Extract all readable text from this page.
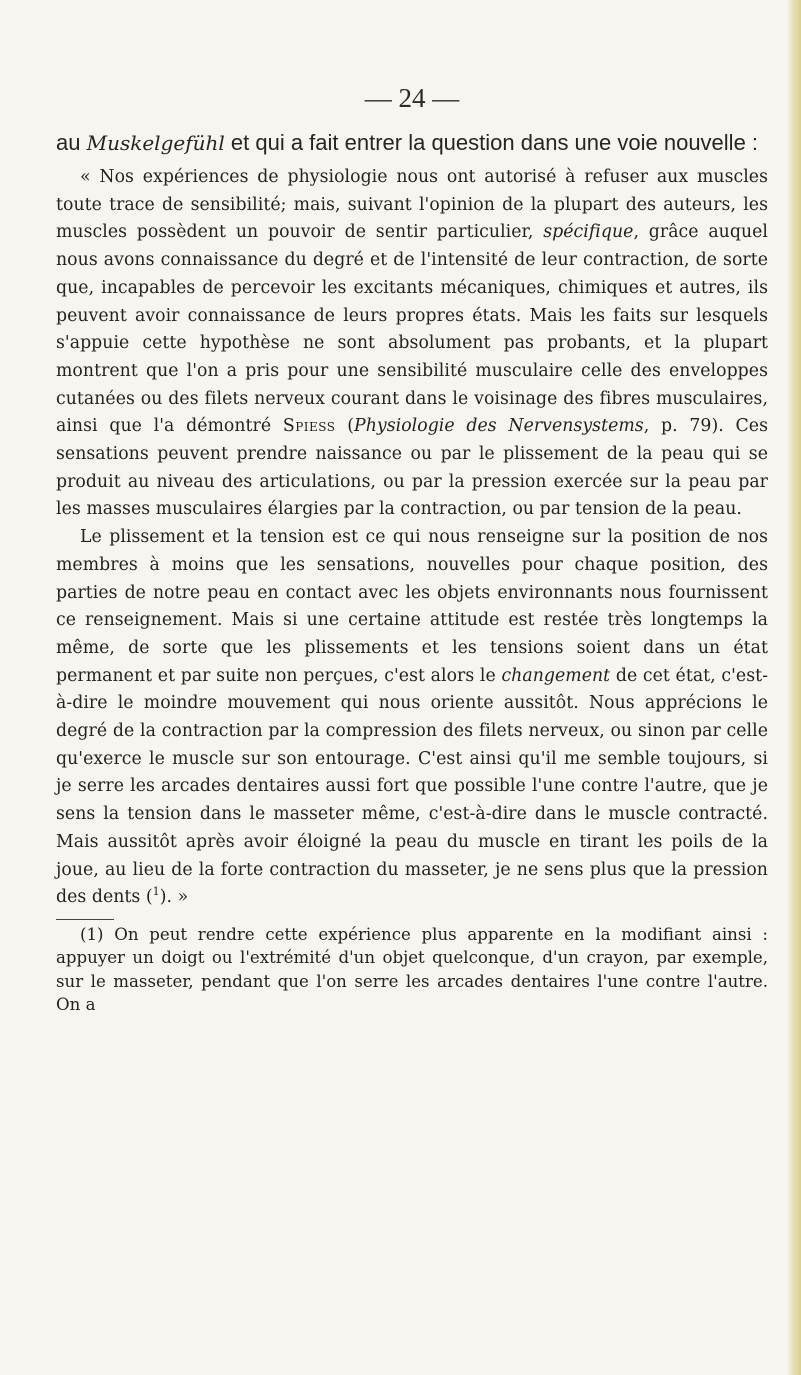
— 24 —

au Muskelgefühl et qui a fait entrer la question dans une voie nouvelle :

« Nos expériences de physiologie nous ont autorisé à refuser aux muscles toute trace de sensibilité; mais, suivant l'opinion de la plupart des auteurs, les muscles possèdent un pouvoir de sentir particulier, spécifique, grâce auquel nous avons connaissance du degré et de l'intensité de leur contraction, de sorte que, incapables de percevoir les excitants mécaniques, chimiques et autres, ils peuvent avoir connaissance de leurs propres états. Mais les faits sur lesquels s'appuie cette hypothèse ne sont absolument pas probants, et la plupart montrent que l'on a pris pour une sensibilité musculaire celle des enveloppes cutanées ou des filets nerveux courant dans le voisinage des fibres musculaires, ainsi que l'a démontré Spiess (Physiologie des Nervensystems, p. 79). Ces sensations peuvent prendre naissance ou par le plissement de la peau qui se produit au niveau des articulations, ou par la pression exercée sur la peau par les masses musculaires élargies par la contraction, ou par tension de la peau.

Le plissement et la tension est ce qui nous renseigne sur la position de nos membres à moins que les sensations, nouvelles pour chaque position, des parties de notre peau en contact avec les objets environnants nous fournissent ce renseignement. Mais si une certaine attitude est restée très longtemps la même, de sorte que les plissements et les tensions soient dans un état permanent et par suite non perçues, c'est alors le changement de cet état, c'est-à-dire le moindre mouvement qui nous oriente aussitôt. Nous apprécions le degré de la contraction par la compression des filets nerveux, ou sinon par celle qu'exerce le muscle sur son entourage. C'est ainsi qu'il me semble toujours, si je serre les arcades dentaires aussi fort que possible l'une contre l'autre, que je sens la tension dans le masseter même, c'est-à-dire dans le muscle contracté. Mais aussitôt après avoir éloigné la peau du muscle en tirant les poils de la joue, au lieu de la forte contraction du masseter, je ne sens plus que la pression des dents ($^1$). »

(1) On peut rendre cette expérience plus apparente en la modifiant ainsi : appuyer un doigt ou l'extrémité d'un objet quelconque, d'un crayon, par exemple, sur le masseter, pendant que l'on serre les arcades dentaires l'une contre l'autre. On a
